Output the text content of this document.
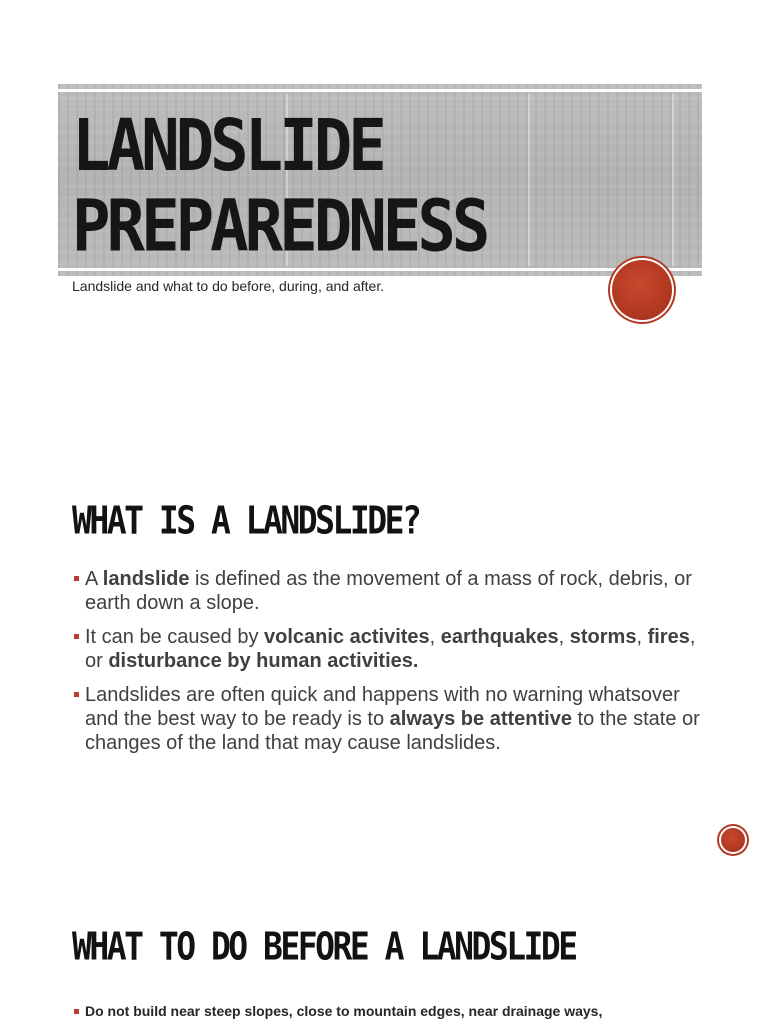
LANDSLIDE
PREPAREDNESS

Landslide and what to do before, during, and after.

WHAT IS A LANDSLIDE?
A landslide is defined as the movement of a mass of rock, debris, or earth down a slope.
It can be caused by volcanic activites, earthquakes, storms, fires, or disturbance by human activities.
Landslides are often quick and happens with no warning whatsover and the best way to be ready is to always be attentive to the state or changes of the land that may cause landslides.
WHAT TO DO BEFORE A LANDSLIDE
Do not build near steep slopes, close to mountain edges, near drainage ways,
